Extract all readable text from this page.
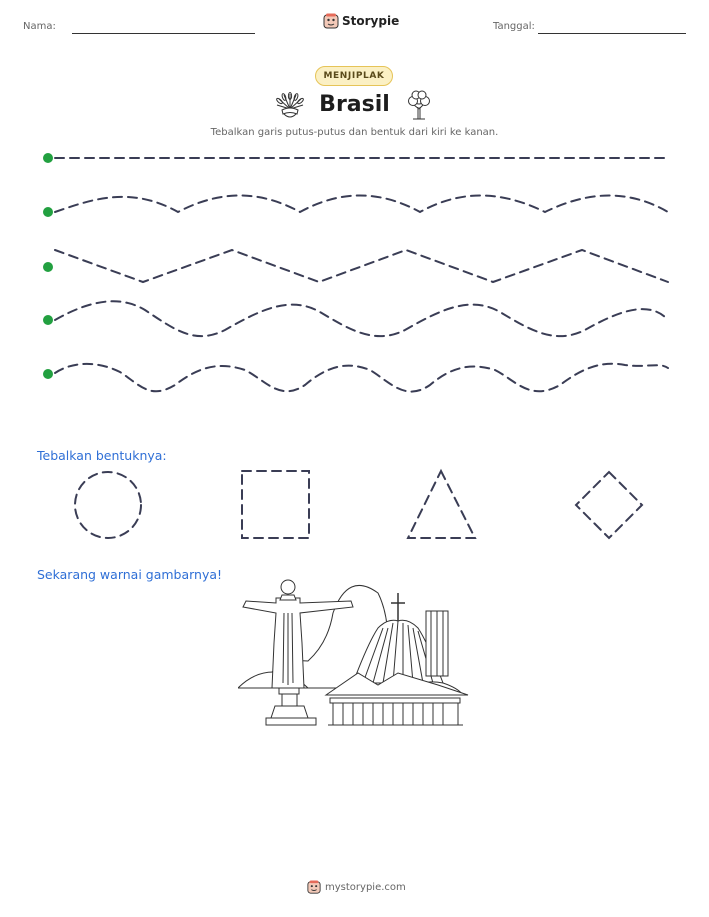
Nama:	Storypie	Tanggal:
MENJIPLAK
Brasil
Tebalkan garis putus-putus dan bentuk dari kiri ke kanan.
Tebalkan bentuknya:
Sekarang warnai gambarnya!
mystorypie.com
